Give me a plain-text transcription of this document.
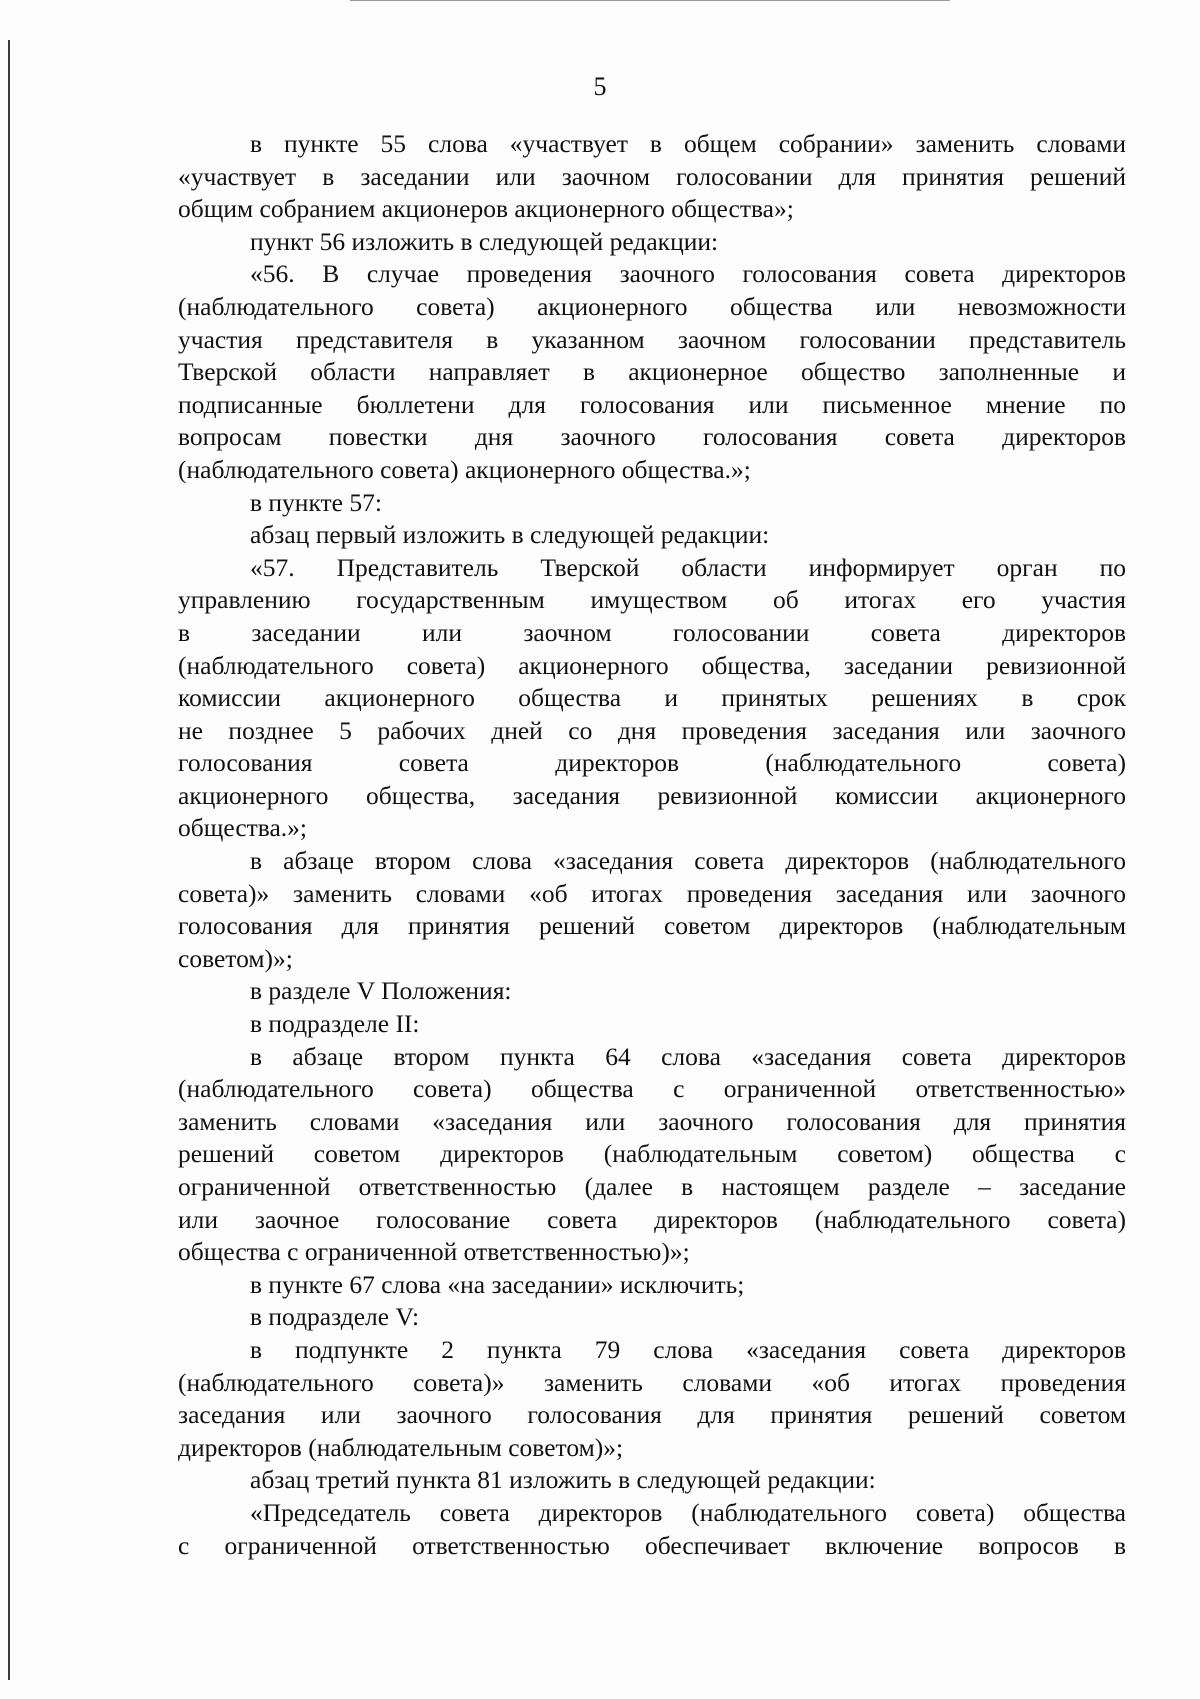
5
в пункте 55 слова «участвует в общем собрании» заменить словами
«участвует в заседании или заочном голосовании для принятия решений
общим собранием акционеров акционерного общества»;
пункт 56 изложить в следующей редакции:
«56. В случае проведения заочного голосования совета директоров
(наблюдательного совета) акционерного общества или невозможности
участия представителя в указанном заочном голосовании представитель
Тверской области направляет в акционерное общество заполненные и
подписанные бюллетени для голосования или письменное мнение по
вопросам повестки дня заочного голосования совета директоров
(наблюдательного совета) акционерного общества.»;
в пункте 57:
абзац первый изложить в следующей редакции:
«57. Представитель Тверской области информирует орган по
управлению государственным имуществом об итогах его участия
в заседании или заочном голосовании совета директоров
(наблюдательного совета) акционерного общества, заседании ревизионной
комиссии акционерного общества и принятых решениях в срок
не позднее 5 рабочих дней со дня проведения заседания или заочного
голосования совета директоров (наблюдательного совета)
акционерного общества, заседания ревизионной комиссии акционерного
общества.»;
в абзаце втором слова «заседания совета директоров (наблюдательного
совета)» заменить словами «об итогах проведения заседания или заочного
голосования для принятия решений советом директоров (наблюдательным
советом)»;
в разделе V Положения:
в подразделе II:
в абзаце втором пункта 64 слова «заседания совета директоров
(наблюдательного совета) общества с ограниченной ответственностью»
заменить словами «заседания или заочного голосования для принятия
решений советом директоров (наблюдательным советом) общества с
ограниченной ответственностью (далее в настоящем разделе – заседание
или заочное голосование совета директоров (наблюдательного совета)
общества с ограниченной ответственностью)»;
в пункте 67 слова «на заседании» исключить;
в подразделе V:
в подпункте 2 пункта 79 слова «заседания совета директоров
(наблюдательного совета)» заменить словами «об итогах проведения
заседания или заочного голосования для принятия решений советом
директоров (наблюдательным советом)»;
абзац третий пункта 81 изложить в следующей редакции:
«Председатель совета директоров (наблюдательного совета) общества
с ограниченной ответственностью обеспечивает включение вопросов в
